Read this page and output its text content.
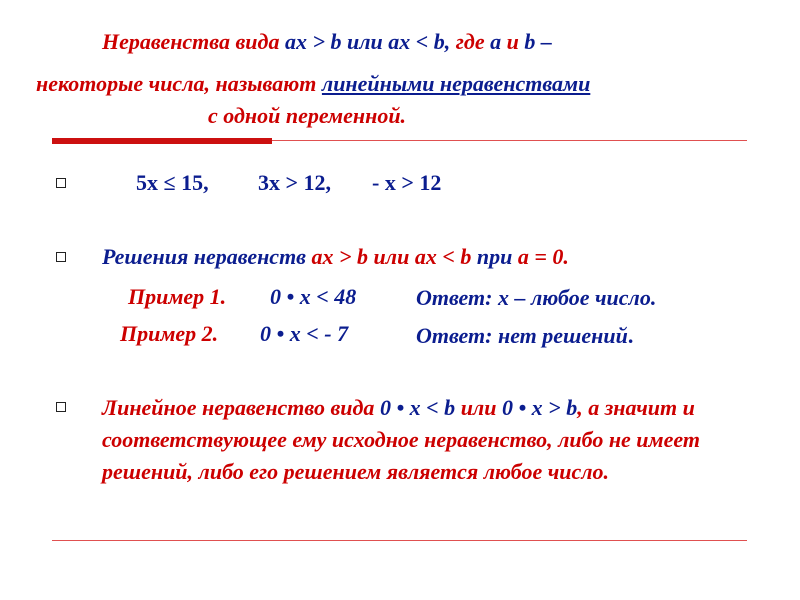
Неравенства вида ax > b или ax < b, где a и b –
некоторые числа, называют линейными неравенствами
с одной переменной.
5x ≤ 15, 3x > 12, - x > 12
Решения неравенств ax > b или ax < b при a = 0.
Пример 1. 0 • x < 48	Ответ: x – любое число.
Пример 2. 0 • x < - 7	Ответ: нет решений.
Линейное неравенство вида 0 • x < b или 0 • x > b, а значит и соответствующее ему исходное неравенство, либо не имеет решений, либо его решением является любое число.
